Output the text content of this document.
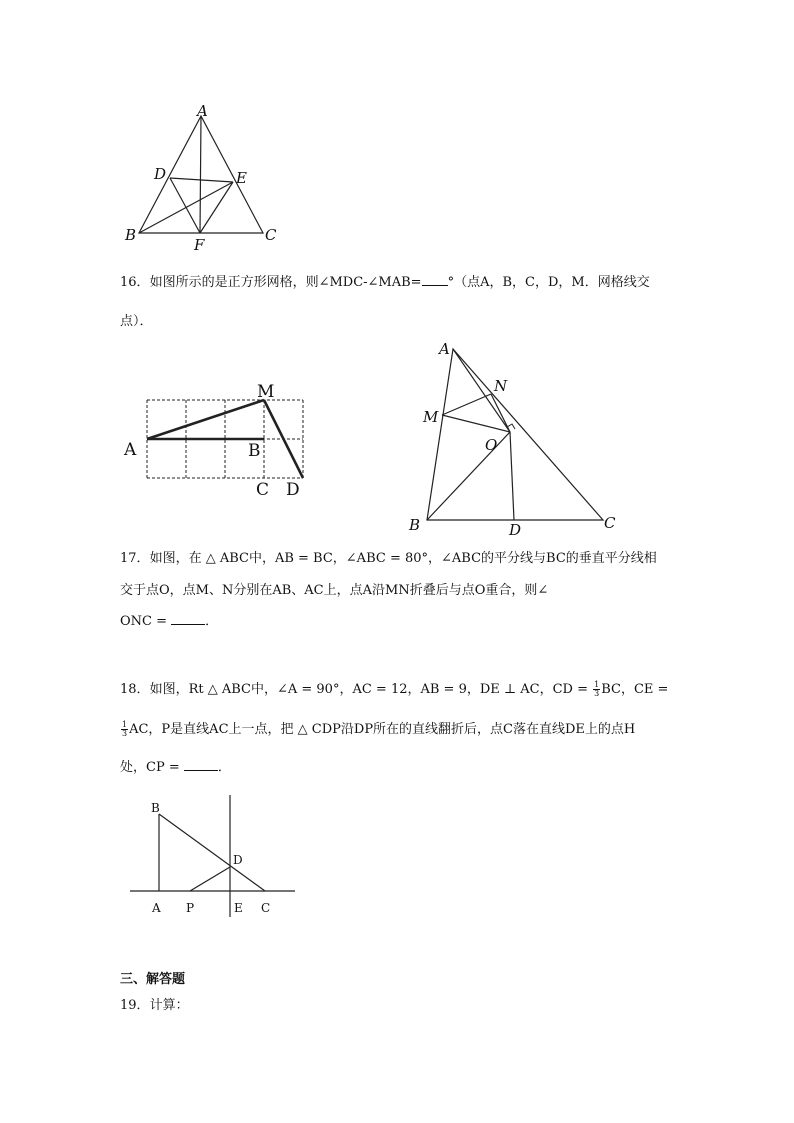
A
B	C
D	E
F
16．如图所示的是正方形网格，则∠MDC-∠MAB= °（点A，B，C，D，M．网格线交
点）．
A	B
C D
M
A
B	C
D
M
N
O
17．如图，在 △ ABC中，AB = BC，∠ABC = 80°，∠ABC的平分线与BC的垂直平分线相
交于点O，点M、N分别在AB、AC上，点A沿MN折叠后与点O重合，则∠
ONC =	．
18．如图，Rt △ ABC中，∠A = 90°，AC = 12，AB = 9，DE ⊥ AC，CD = $\frac{1}{3}$ BC，CE =
$\frac{1}{3}$ AC，P是直线AC上一点，把 △ CDP沿DP所在的直线翻折后，点C落在直线DE上的点H
处，CP =	．
A
B
C
D
E
P
三、解答题
19．计算：
